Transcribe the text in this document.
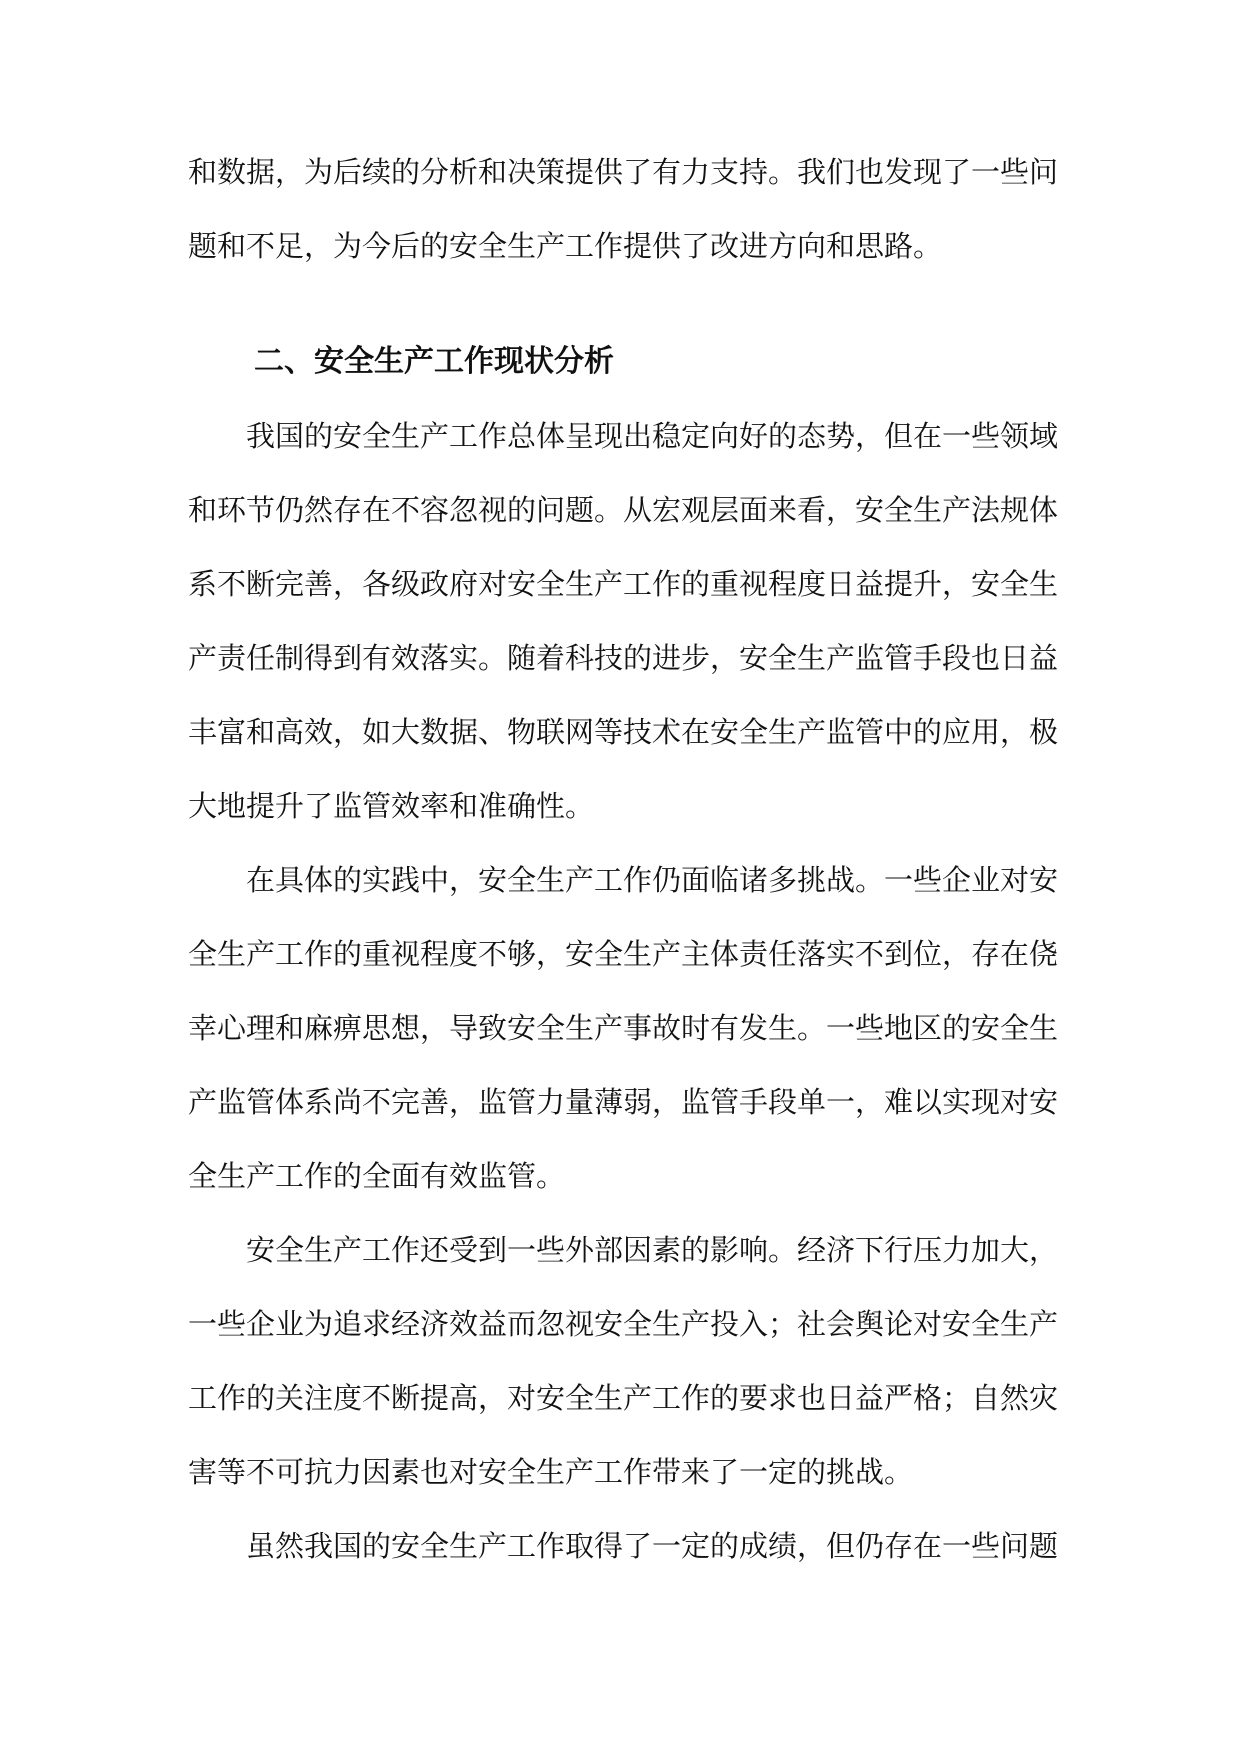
和数据，为后续的分析和决策提供了有力支持。我们也发现了一些问
题和不足，为今后的安全生产工作提供了改进方向和思路。
二、安全生产工作现状分析
我国的安全生产工作总体呈现出稳定向好的态势，但在一些领域
和环节仍然存在不容忽视的问题。从宏观层面来看，安全生产法规体
系不断完善，各级政府对安全生产工作的重视程度日益提升，安全生
产责任制得到有效落实。随着科技的进步，安全生产监管手段也日益
丰富和高效，如大数据、物联网等技术在安全生产监管中的应用，极
大地提升了监管效率和准确性。
在具体的实践中，安全生产工作仍面临诸多挑战。一些企业对安
全生产工作的重视程度不够，安全生产主体责任落实不到位，存在侥
幸心理和麻痹思想，导致安全生产事故时有发生。一些地区的安全生
产监管体系尚不完善，监管力量薄弱，监管手段单一，难以实现对安
全生产工作的全面有效监管。
安全生产工作还受到一些外部因素的影响。经济下行压力加大，
一些企业为追求经济效益而忽视安全生产投入；社会舆论对安全生产
工作的关注度不断提高，对安全生产工作的要求也日益严格；自然灾
害等不可抗力因素也对安全生产工作带来了一定的挑战。
虽然我国的安全生产工作取得了一定的成绩，但仍存在一些问题
